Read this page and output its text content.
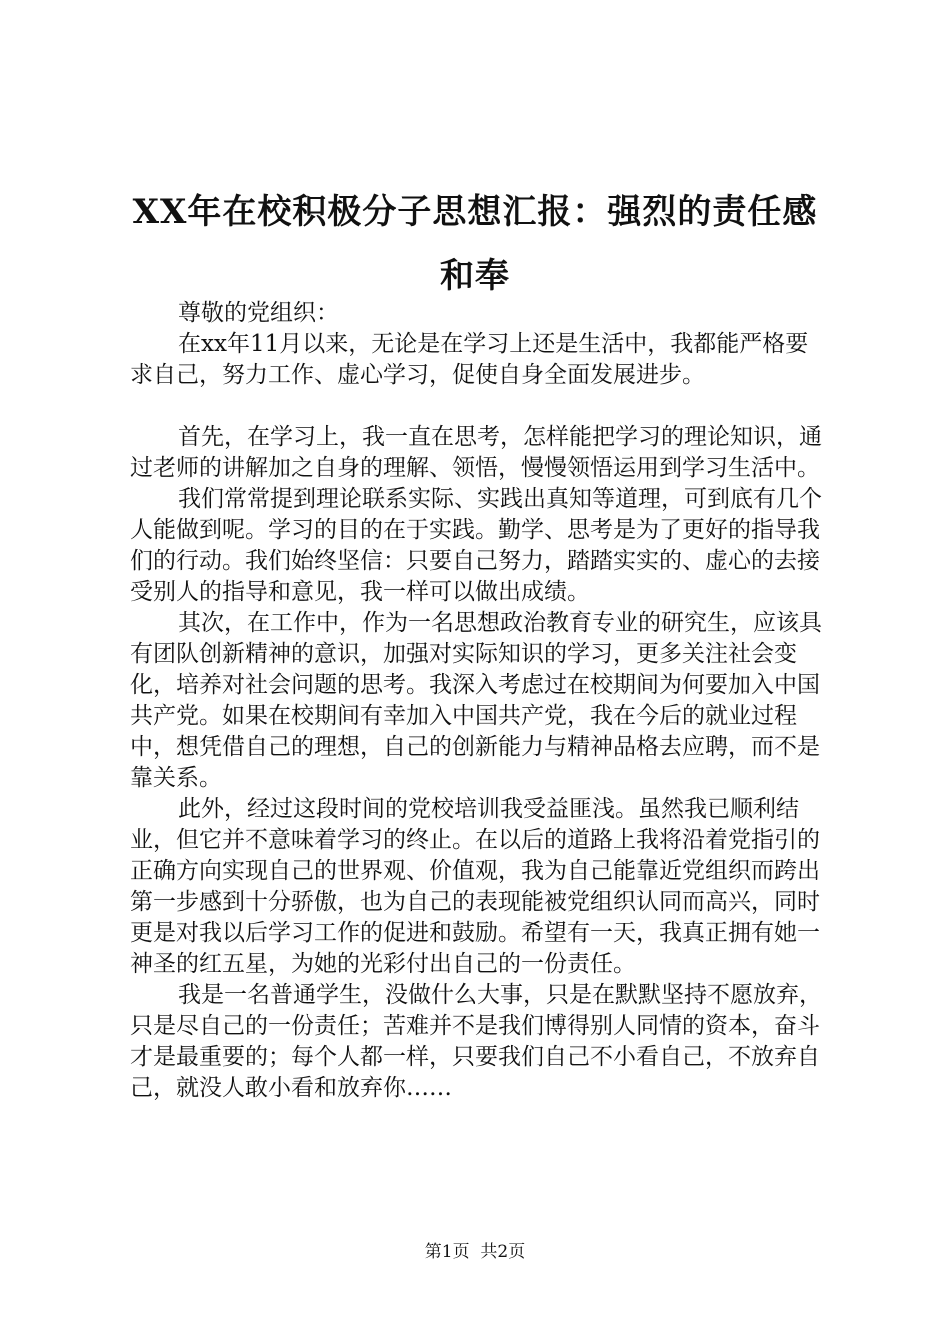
XX年在校积极分子思想汇报：强烈的责任感
和奉

尊敬的党组织：

在xx年11月以来，无论是在学习上还是生活中，我都能严格要求自己，努力工作、虚心学习，促使自身全面发展进步。

首先，在学习上，我一直在思考，怎样能把学习的理论知识，通过老师的讲解加之自身的理解、领悟，慢慢领悟运用到学习生活中。

我们常常提到理论联系实际、实践出真知等道理，可到底有几个人能做到呢。学习的目的在于实践。勤学、思考是为了更好的指导我们的行动。我们始终坚信：只要自己努力，踏踏实实的、虚心的去接受别人的指导和意见，我一样可以做出成绩。

其次，在工作中，作为一名思想政治教育专业的研究生，应该具有团队创新精神的意识，加强对实际知识的学习，更多关注社会变化，培养对社会问题的思考。我深入考虑过在校期间为何要加入中国共产党。如果在校期间有幸加入中国共产党，我在今后的就业过程中，想凭借自己的理想，自己的创新能力与精神品格去应聘，而不是靠关系。

此外，经过这段时间的党校培训我受益匪浅。虽然我已顺利结业，但它并不意味着学习的终止。在以后的道路上我将沿着党指引的正确方向实现自己的世界观、价值观，我为自己能靠近党组织而跨出第一步感到十分骄傲，也为自己的表现能被党组织认同而高兴，同时更是对我以后学习工作的促进和鼓励。希望有一天，我真正拥有她一神圣的红五星，为她的光彩付出自己的一份责任。

我是一名普通学生，没做什么大事，只是在默默坚持不愿放弃，只是尽自己的一份责任；苦难并不是我们博得别人同情的资本，奋斗才是最重要的；每个人都一样，只要我们自己不小看自己，不放弃自己，就没人敢小看和放弃你……

第1页  共2页
